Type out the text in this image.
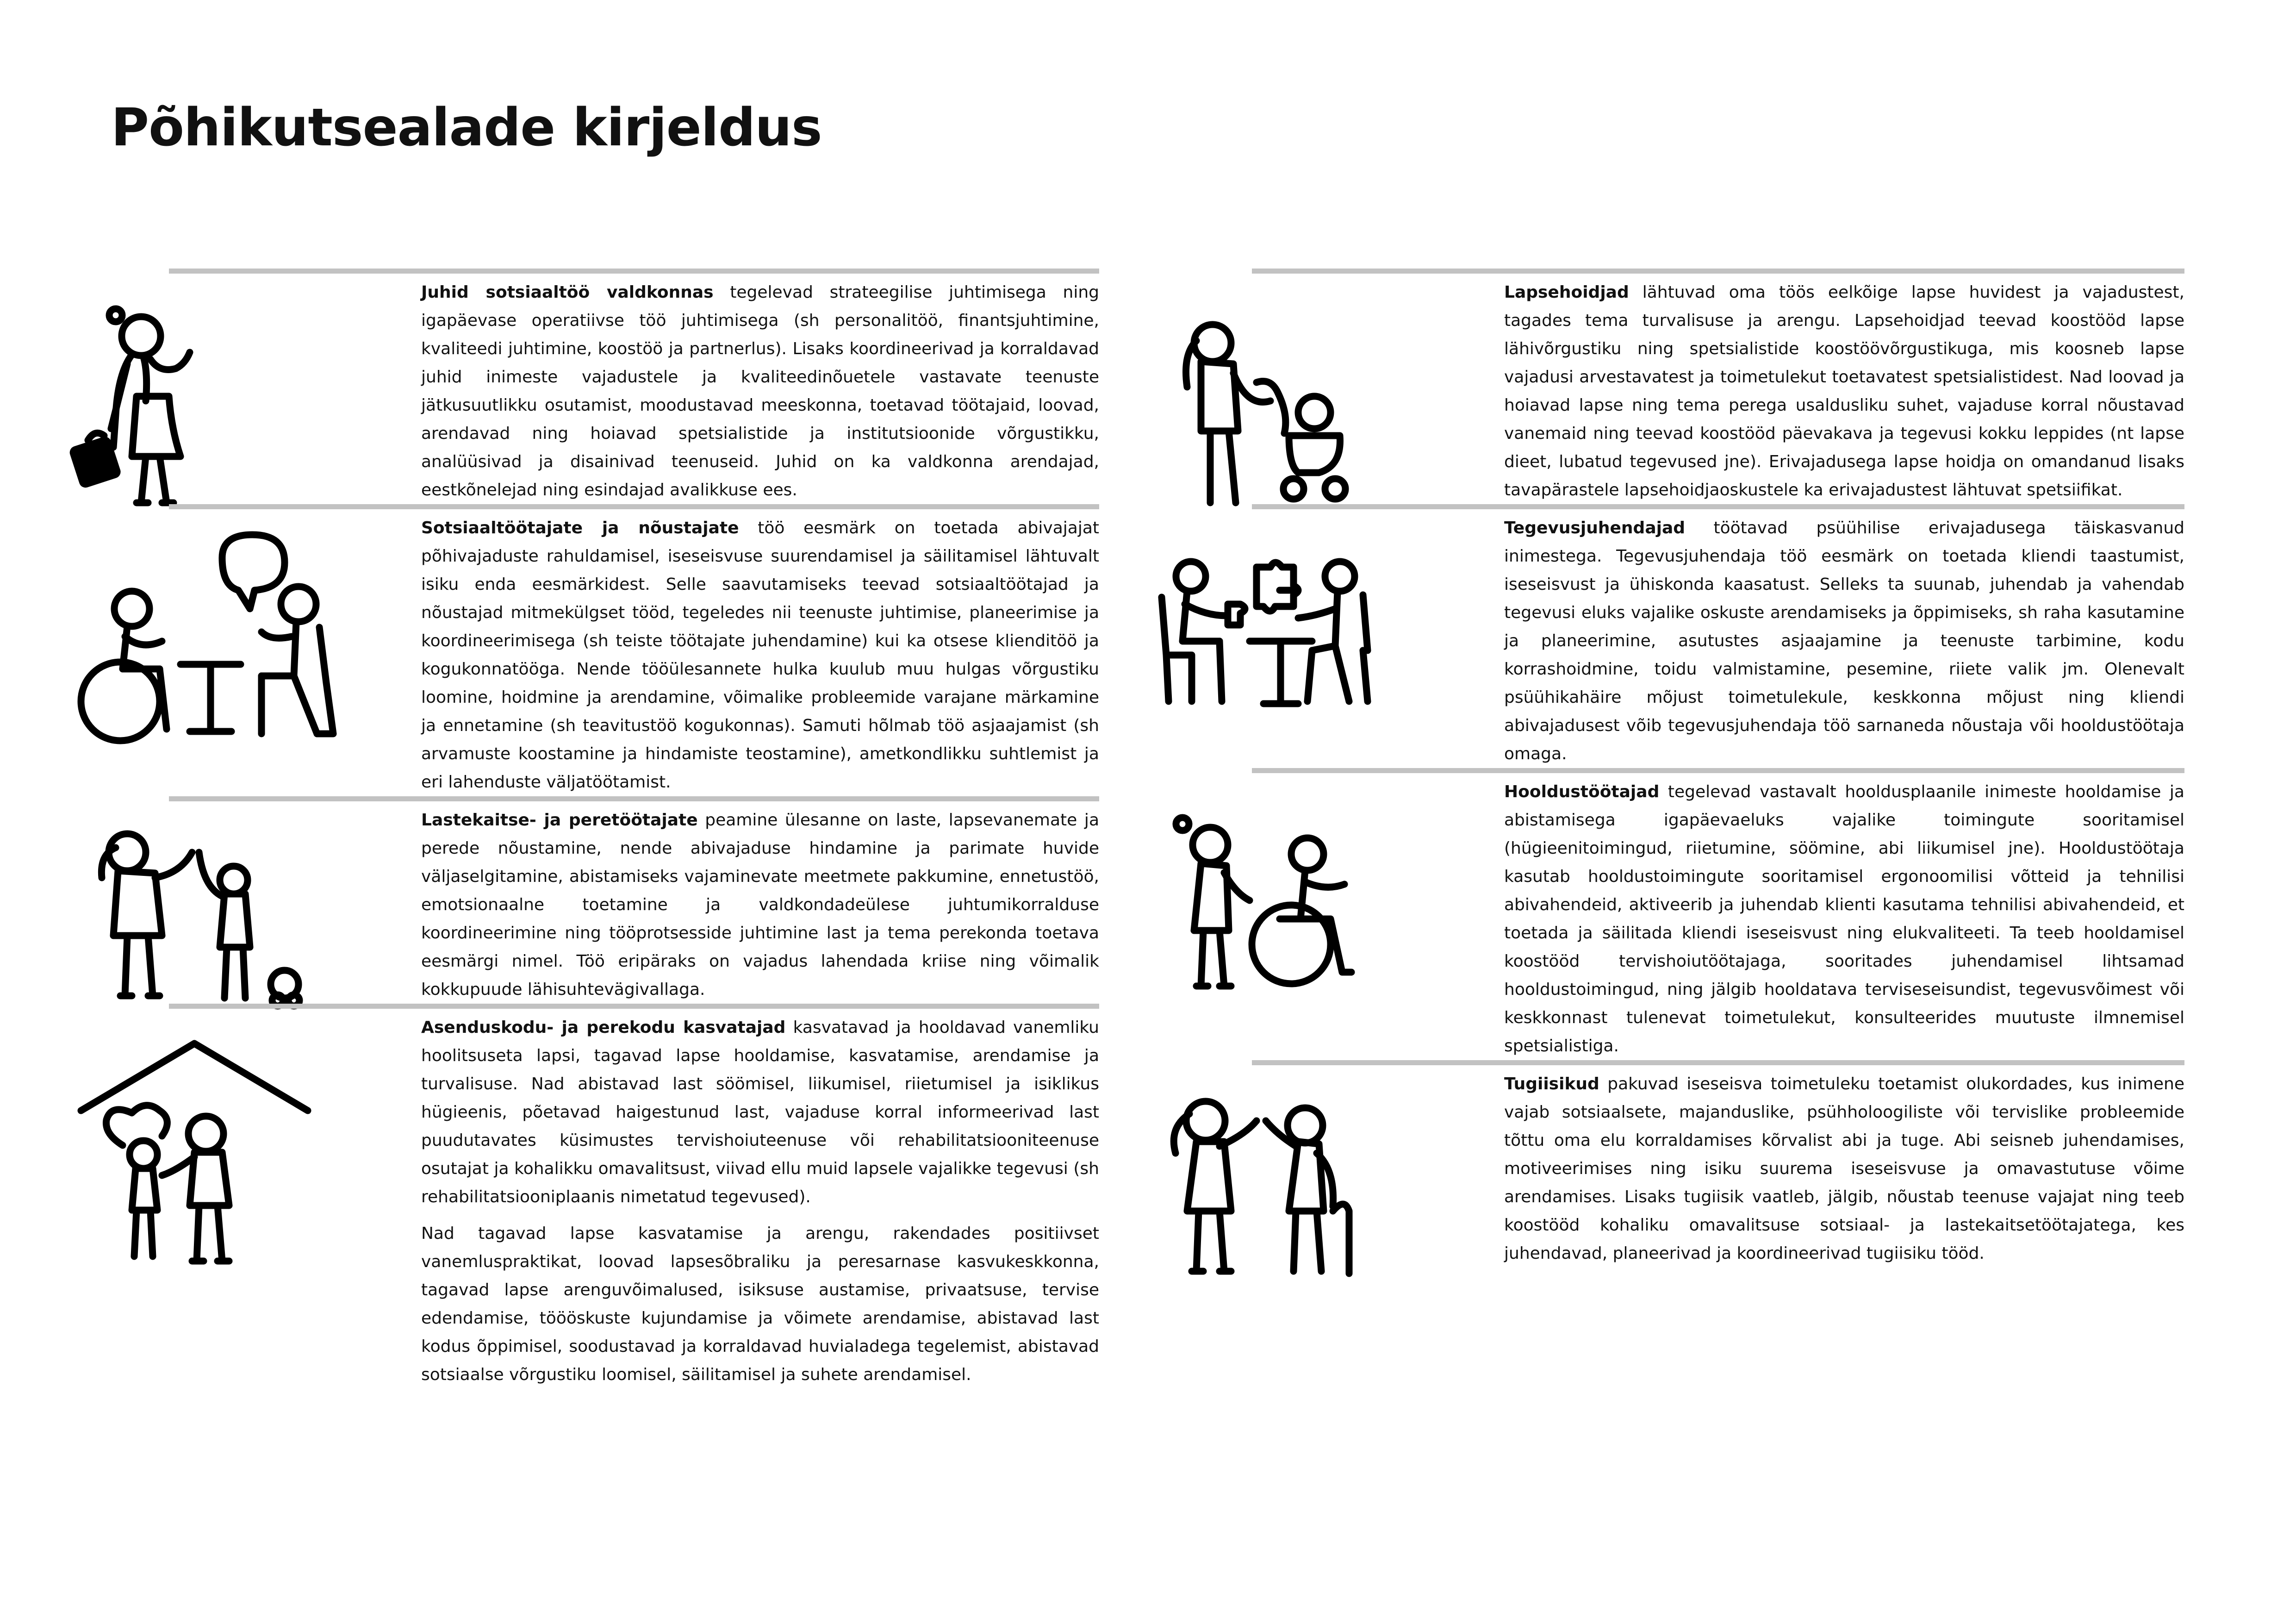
Põhikutsealade kirjeldus

Juhid sotsiaaltöö valdkonnas tegelevad strateegilise juhtimisega ning igapäevase operatiivse töö juhtimisega (sh personalitöö, finantsjuhtimine, kvaliteedi juhtimine, koostöö ja partnerlus). Lisaks koordineerivad ja korraldavad juhid inimeste vajadustele ja kvaliteedinõuetele vastavate teenuste jätkusuutlikku osutamist, moodustavad meeskonna, toetavad töötajaid, loovad, arendavad ning hoiavad spetsialistide ja institutsioonide võrgustikku, analüüsivad ja disainivad teenuseid. Juhid on ka valdkonna arendajad, eestkõnelejad ning esindajad avalikkuse ees.

Sotsiaaltöötajate ja nõustajate töö eesmärk on toetada abivajajat põhivajaduste rahuldamisel, iseseisvuse suurendamisel ja säilitamisel lähtuvalt isiku enda eesmärkidest. Selle saavutamiseks teevad sotsiaaltöötajad ja nõustajad mitmekülgset tööd, tegeledes nii teenuste juhtimise, planeerimise ja koordineerimisega (sh teiste töötajate juhendamine) kui ka otsese klienditöö ja kogukonnatööga. Nende tööülesannete hulka kuulub muu hulgas võrgustiku loomine, hoidmine ja arendamine, võimalike probleemide varajane märkamine ja ennetamine (sh teavitustöö kogukonnas). Samuti hõlmab töö asjaajamist (sh arvamuste koostamine ja hindamiste teostamine), ametkondlikku suhtlemist ja eri lahenduste väljatöötamist.

Lastekaitse- ja peretöötajate peamine ülesanne on laste, lapsevanemate ja perede nõustamine, nende abivajaduse hindamine ja parimate huvide väljaselgitamine, abistamiseks vajaminevate meetmete pakkumine, ennetustöö, emotsionaalne toetamine ja valdkondadeülese juhtumikorralduse koordineerimine ning tööprotsesside juhtimine last ja tema perekonda toetava eesmärgi nimel. Töö eripäraks on vajadus lahendada kriise ning võimalik kokkupuude lähisuhtevägivallaga.

Asenduskodu- ja perekodu kasvatajad kasvatavad ja hooldavad vanemliku hoolitsuseta lapsi, tagavad lapse hooldamise, kasvatamise, arendamise ja turvalisuse. Nad abistavad last söömisel, liikumisel, riietumisel ja isiklikus hügieenis, põetavad haigestunud last, vajaduse korral informeerivad last puudutavates küsimustes tervishoiuteenuse või rehabilitatsiooniteenuse osutajat ja kohalikku omavalitsust, viivad ellu muid lapsele vajalikke tegevusi (sh rehabilitatsiooniplaanis nimetatud tegevused).

Nad tagavad lapse kasvatamise ja arengu, rakendades positiivset vanemluspraktikat, loovad lapsesõbraliku ja peresarnase kasvukeskkonna, tagavad lapse arenguvõimalused, isiksuse austamise, privaatsuse, tervise edendamise, töööskuste kujundamise ja võimete arendamise, abistavad last kodus õppimisel, soodustavad ja korraldavad huvialadega tegelemist, abistavad sotsiaalse võrgustiku loomisel, säilitamisel ja suhete arendamisel.

Lapsehoidjad lähtuvad oma töös eelkõige lapse huvidest ja vajadustest, tagades tema turvalisuse ja arengu. Lapsehoidjad teevad koostööd lapse lähivõrgustiku ning spetsialistide koostöövõrgustikuga, mis koosneb lapse vajadusi arvestavatest ja toimetulekut toetavatest spetsialistidest. Nad loovad ja hoiavad lapse ning tema perega usaldusliku suhet, vajaduse korral nõustavad vanemaid ning teevad koostööd päevakava ja tegevusi kokku leppides (nt lapse dieet, lubatud tegevused jne). Erivajadusega lapse hoidja on omandanud lisaks tavapärastele lapsehoidjaoskustele ka erivajadustest lähtuvat spetsiifikat.

Tegevusjuhendajad töötavad psüühilise erivajadusega täiskasvanud inimestega. Tegevusjuhendaja töö eesmärk on toetada kliendi taastumist, iseseisvust ja ühiskonda kaasatust. Selleks ta suunab, juhendab ja vahendab tegevusi eluks vajalike oskuste arendamiseks ja õppimiseks, sh raha kasutamine ja planeerimine, asutustes asjaajamine ja teenuste tarbimine, kodu korrashoidmine, toidu valmistamine, pesemine, riiete valik jm. Olenevalt psüühikahäire mõjust toimetulekule, keskkonna mõjust ning kliendi abivajadusest võib tegevusjuhendaja töö sarnaneda nõustaja või hooldustöötaja omaga.

Hooldustöötajad tegelevad vastavalt hooldusplaanile inimeste hooldamise ja abistamisega igapäevaeluks vajalike toimingute sooritamisel (hügieenitoimingud, riietumine, söömine, abi liikumisel jne). Hooldustöötaja kasutab hooldustoimingute sooritamisel ergonoomilisi võtteid ja tehnilisi abivahendeid, aktiveerib ja juhendab klienti kasutama tehnilisi abivahendeid, et toetada ja säilitada kliendi iseseisvust ning elukvaliteeti. Ta teeb hooldamisel koostööd tervishoiutöötajaga, sooritades juhendamisel lihtsamad hooldustoimingud, ning jälgib hooldatava terviseseisundist, tegevusvõimest või keskkonnast tulenevat toimetulekut, konsulteerides muutuste ilmnemisel spetsialistiga.

Tugiisikud pakuvad iseseisva toimetuleku toetamist olukordades, kus inimene vajab sotsiaalsete, majanduslike, psühholoogiliste või tervislike probleemide tõttu oma elu korraldamises kõrvalist abi ja tuge. Abi seisneb juhendamises, motiveerimises ning isiku suurema iseseisvuse ja omavastutuse võime arendamises. Lisaks tugiisik vaatleb, jälgib, nõustab teenuse vajajat ning teeb koostööd kohaliku omavalitsuse sotsiaal- ja lastekaitsetöötajatega, kes juhendavad, planeerivad ja koordineerivad tugiisiku tööd.
